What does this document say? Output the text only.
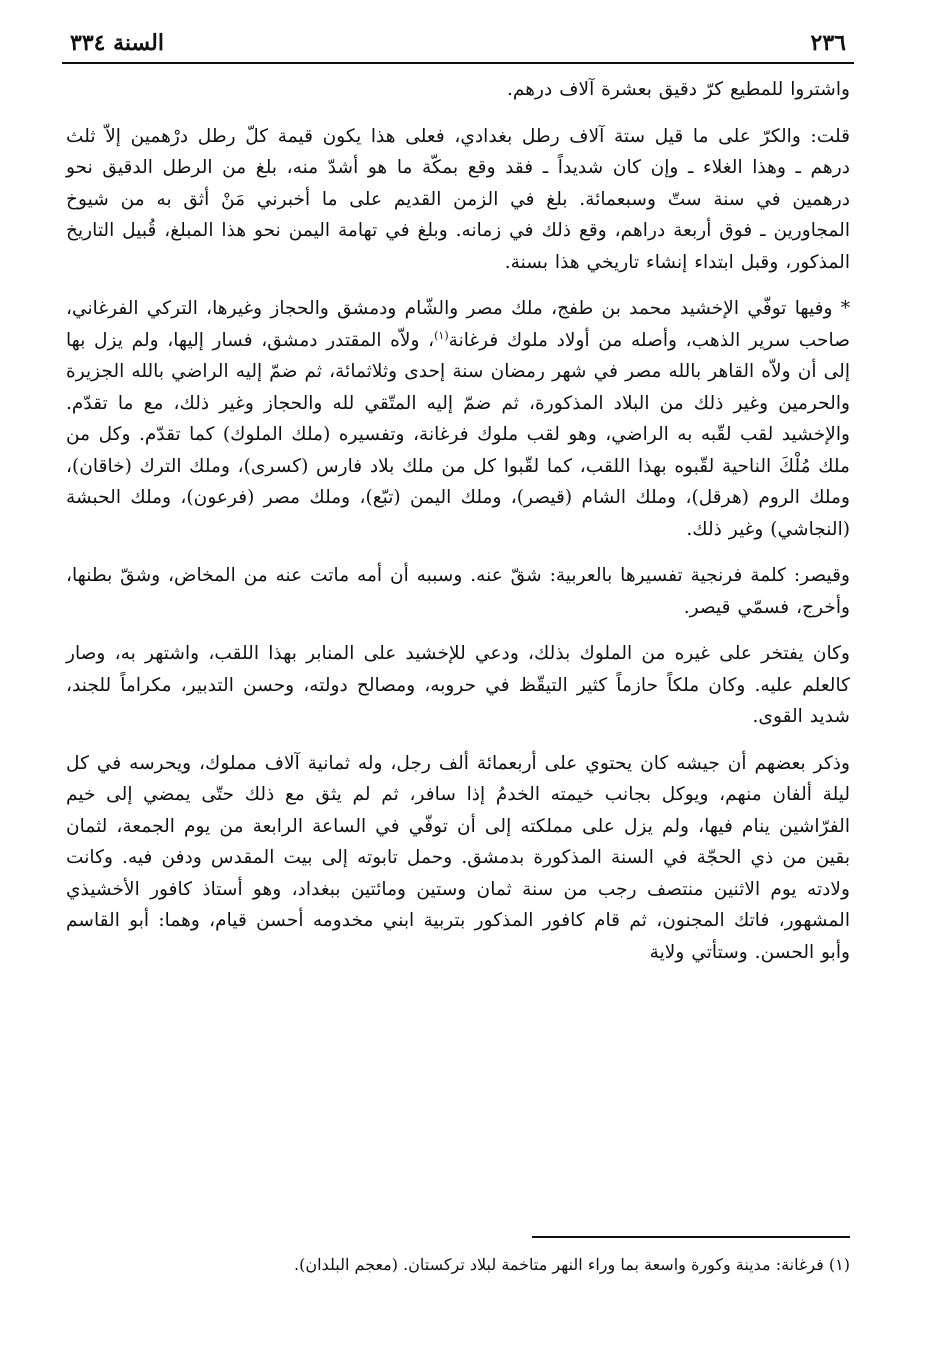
٢٣٦
السنة ٣٣٤

واشتروا للمطيع كرّ دقيق بعشرة آلاف درهم.

قلت: والكرّ على ما قيل ستة آلاف رطل بغدادي، فعلى هذا يكون قيمة كلّ رطل درْهمين إلاّ ثلث درهم ـ وهذا الغلاء ـ وإن كان شديداً ـ فقد وقع بمكّة ما هو أشدّ منه، بلغ من الرطل الدقيق نحو درهمين في سنة ستّ وسبعمائة. بلغ في الزمن القديم على ما أخبرني مَنْ أثق به من شيوخ المجاورين ـ فوق أربعة دراهم، وقع ذلك في زمانه. وبلغ في تهامة اليمن نحو هذا المبلغ، قُبيل التاريخ المذكور، وقبل ابتداء إنشاء تاريخي هذا بسنة.

* وفيها توفّي الإخشيد محمد بن طفج، ملك مصر والشّام ودمشق والحجاز وغيرها، التركي الفرغاني، صاحب سرير الذهب، وأصله من أولاد ملوك فرغانة$^{(١)}$، ولاّه المقتدر دمشق، فسار إليها، ولم يزل بها إلى أن ولاّه القاهر بالله مصر في شهر رمضان سنة إحدى وثلاثمائة، ثم ضمّ إليه الراضي بالله الجزيرة والحرمين وغير ذلك من البلاد المذكورة، ثم ضمّ إليه المتّقي لله والحجاز وغير ذلك، مع ما تقدّم. والإخشيد لقب لقّبه به الراضي، وهو لقب ملوك فرغانة، وتفسيره (ملك الملوك) كما تقدّم. وكل من ملك مُلْكَ الناحية لقّبوه بهذا اللقب، كما لقّبوا كل من ملك بلاد فارس (كسرى)، وملك الترك (خاقان)، وملك الروم (هرقل)، وملك الشام (قيصر)، وملك اليمن (تبّع)، وملك مصر (فرعون)، وملك الحبشة (النجاشي) وغير ذلك.

وقيصر: كلمة فرنجية تفسيرها بالعربية: شقّ عنه. وسببه أن أمه ماتت عنه من المخاض، وشقّ بطنها، وأخرج، فسمّي قيصر.

وكان يفتخر على غيره من الملوك بذلك، ودعي للإخشيد على المنابر بهذا اللقب، واشتهر به، وصار كالعلم عليه. وكان ملكاً حازماً كثير التيقّظ في حروبه، ومصالح دولته، وحسن التدبير، مكراماً للجند، شديد القوى.

وذكر بعضهم أن جيشه كان يحتوي على أربعمائة ألف رجل، وله ثمانية آلاف مملوك، ويحرسه في كل ليلة ألفان منهم، ويوكل بجانب خيمته الخدمُ إذا سافر، ثم لم يثق مع ذلك حتّى يمضي إلى خيم الفرّاشين ينام فيها، ولم يزل على مملكته إلى أن توفّي في الساعة الرابعة من يوم الجمعة، لثمان بقين من ذي الحجّة في السنة المذكورة بدمشق. وحمل تابوته إلى بيت المقدس ودفن فيه. وكانت ولادته يوم الاثنين منتصف رجب من سنة ثمان وستين ومائتين ببغداد، وهو أستاذ كافور الأخشيذي المشهور، فاتك المجنون، ثم قام كافور المذكور بتربية ابني مخدومه أحسن قيام، وهما: أبو القاسم وأبو الحسن. وستأتي ولاية

(١) فرغانة: مدينة وكورة واسعة بما وراء النهر متاخمة لبلاد تركستان. (معجم البلدان).
